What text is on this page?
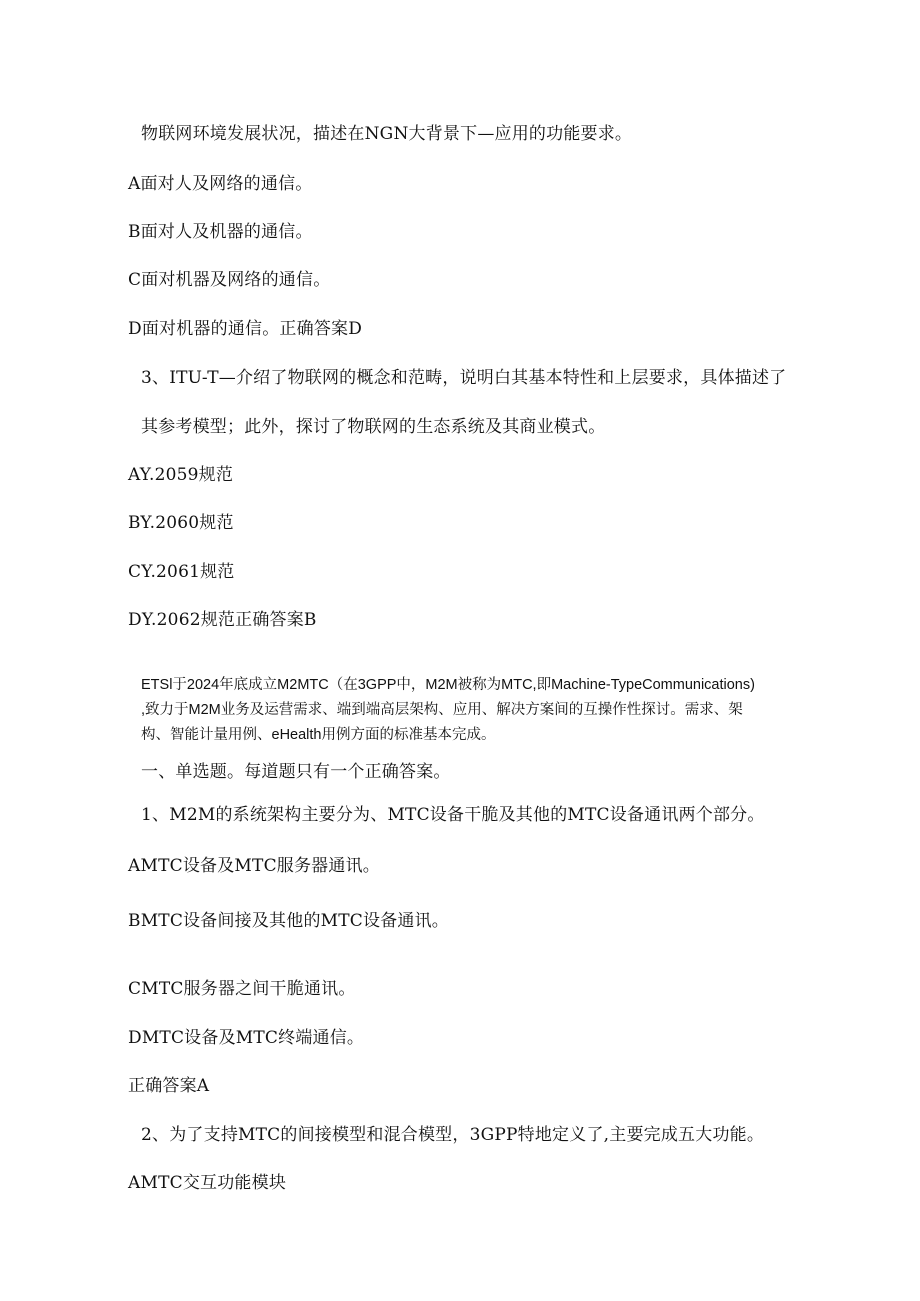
物联网环境发展状况，描述在NGN大背景下—应用的功能要求。
A面对人及网络的通信。
B面对人及机器的通信。
C面对机器及网络的通信。
D面对机器的通信。正确答案D
3、ITU-T—介绍了物联网的概念和范畴，说明白其基本特性和上层要求，具体描述了
其参考模型；此外，探讨了物联网的生态系统及其商业模式。
AY.2059规范
BY.2060规范
CY.2061规范
DY.2062规范正确答案B
ETSl于2024年底成立M2MTC（在3GPP中，M2M被称为MTC,即Machine-TypeCommunications)
,致力于M2M业务及运营需求、端到端高层架构、应用、解决方案间的互操作性探讨。需求、架
构、智能计量用例、eHealth用例方面的标准基本完成。
一、单选题。每道题只有一个正确答案。
1、M2M的系统架构主要分为、MTC设备干脆及其他的MTC设备通讯两个部分。
AMTC设备及MTC服务器通讯。
BMTC设备间接及其他的MTC设备通讯。
CMTC服务器之间干脆通讯。
DMTC设备及MTC终端通信。
正确答案A
2、为了支持MTC的间接模型和混合模型，3GPP特地定义了,主要完成五大功能。
AMTC交互功能模块
